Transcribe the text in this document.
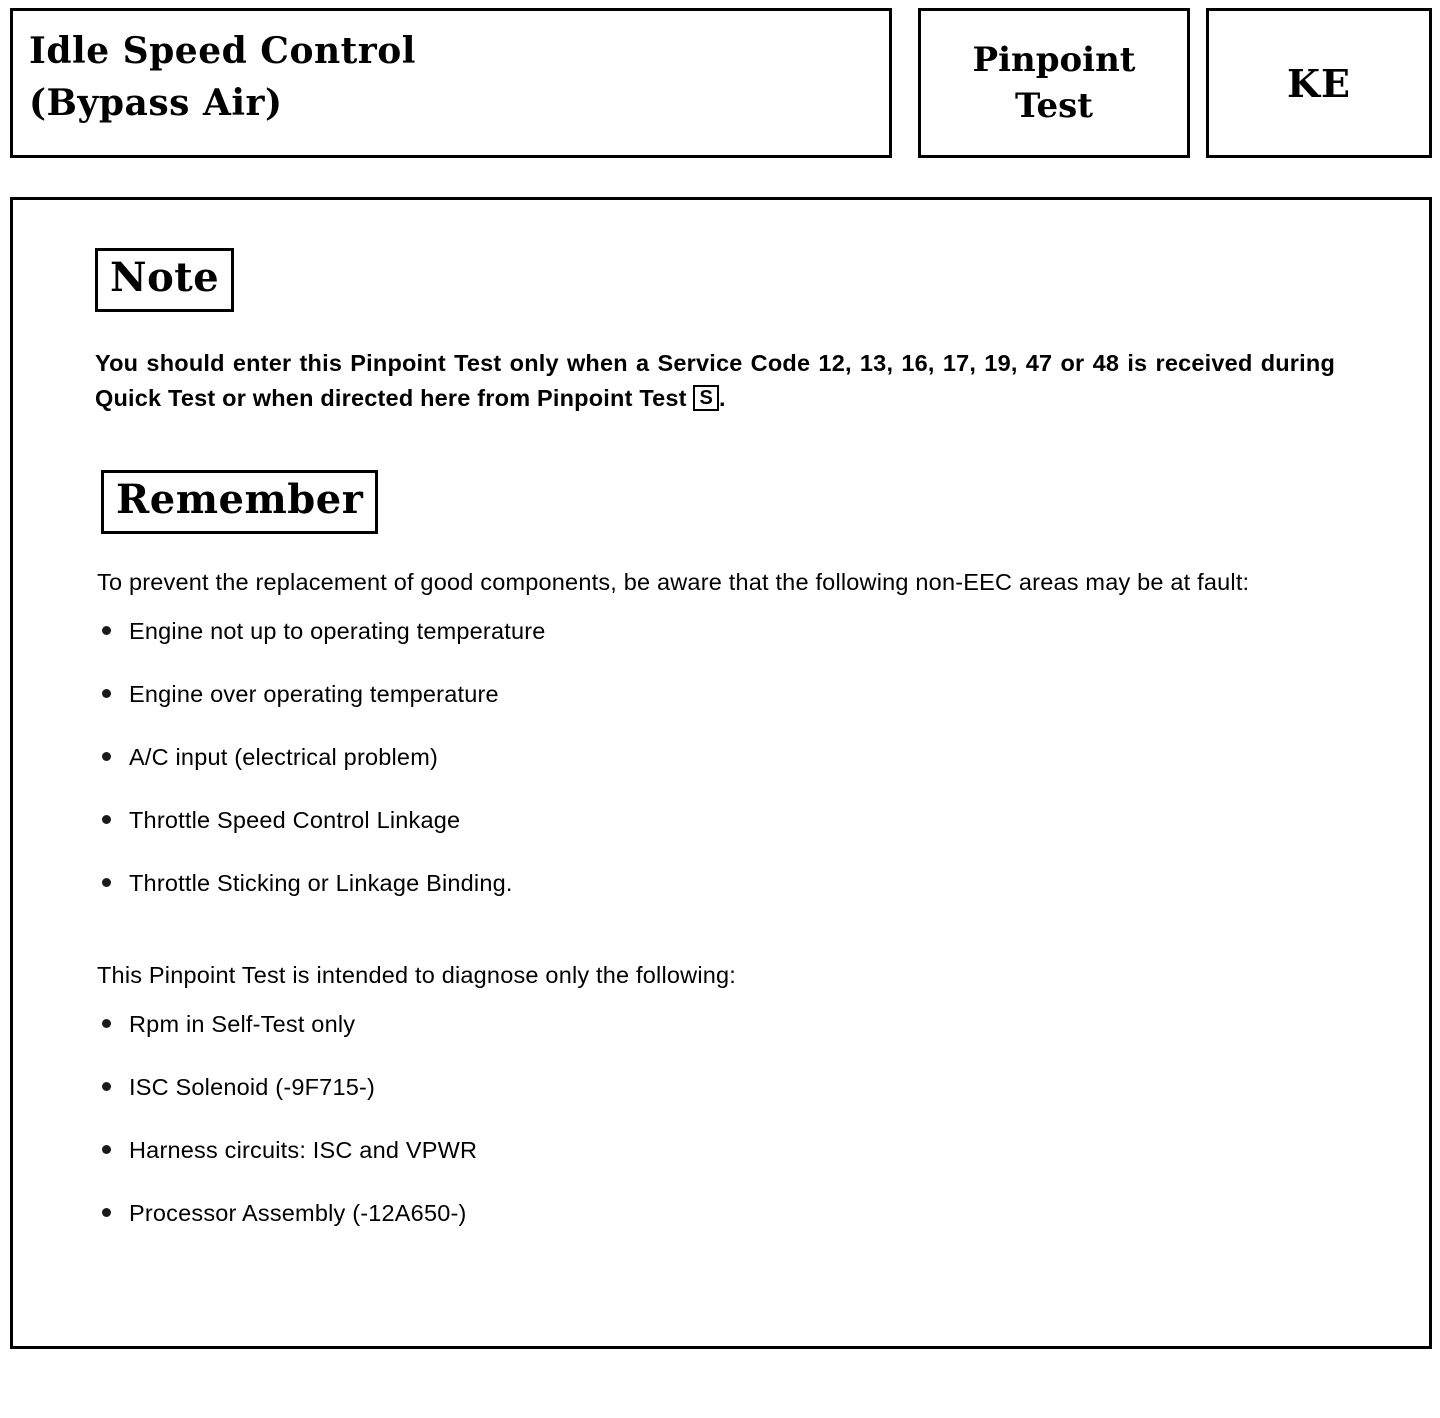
Idle Speed Control
(Bypass Air)
Pinpoint
Test
KE
Note
You should enter this Pinpoint Test only when a Service Code 12, 13, 16, 17, 19, 47 or 48 is received during Quick Test or when directed here from Pinpoint Test S .
Remember
To prevent the replacement of good components, be aware that the following non-EEC areas may be at fault:
Engine not up to operating temperature
Engine over operating temperature
A/C input (electrical problem)
Throttle Speed Control Linkage
Throttle Sticking or Linkage Binding.
This Pinpoint Test is intended to diagnose only the following:
Rpm in Self-Test only
ISC Solenoid (-9F715-)
Harness circuits: ISC and VPWR
Processor Assembly (-12A650-)
